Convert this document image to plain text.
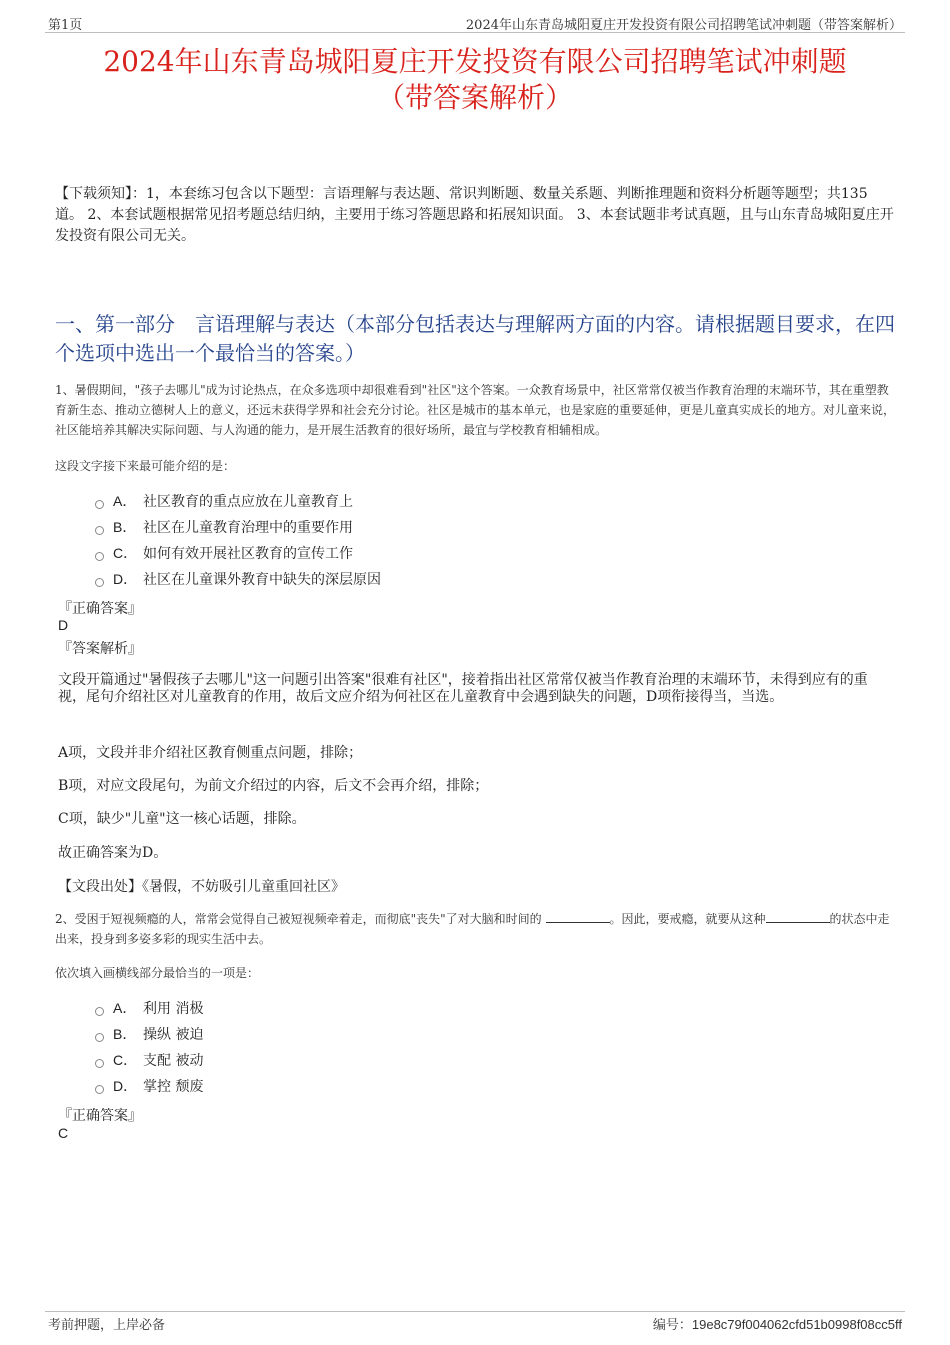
第1页	2024年山东青岛城阳夏庄开发投资有限公司招聘笔试冲刺题（带答案解析）
2024年山东青岛城阳夏庄开发投资有限公司招聘笔试冲刺题
（带答案解析）
【下载须知】：1，本套练习包含以下题型：言语理解与表达题、常识判断题、数量关系题、判断推理题和资料分析题等题型；共135道。 2、本套试题根据常见招考题总结归纳，主要用于练习答题思路和拓展知识面。 3、本套试题非考试真题，且与山东青岛城阳夏庄开发投资有限公司无关。
一、第一部分　言语理解与表达（本部分包括表达与理解两方面的内容。请根据题目要求，在四个选项中选出一个最恰当的答案。）
1、暑假期间，"孩子去哪儿"成为讨论热点，在众多选项中却很难看到"社区"这个答案。一众教育场景中，社区常常仅被当作教育治理的末端环节，其在重塑教育新生态、推动立德树人上的意义，还远未获得学界和社会充分讨论。社区是城市的基本单元，也是家庭的重要延伸，更是儿童真实成长的地方。对儿童来说，社区能培养其解决实际问题、与人沟通的能力，是开展生活教育的很好场所，最宜与学校教育相辅相成。
这段文字接下来最可能介绍的是：
A． 社区教育的重点应放在儿童教育上
B． 社区在儿童教育治理中的重要作用
C． 如何有效开展社区教育的宣传工作
D． 社区在儿童课外教育中缺失的深层原因
『正确答案』
D
『答案解析』
文段开篇通过"暑假孩子去哪儿"这一问题引出答案"很难有社区"，接着指出社区常常仅被当作教育治理的末端环节，未得到应有的重视，尾句介绍社区对儿童教育的作用，故后文应介绍为何社区在儿童教育中会遇到缺失的问题，D项衔接得当，当选。
A项，文段并非介绍社区教育侧重点问题，排除；
B项，对应文段尾句，为前文介绍过的内容，后文不会再介绍，排除；
C项，缺少"儿童"这一核心话题，排除。
故正确答案为D。
【文段出处】《暑假，不妨吸引儿童重回社区》
2、受困于短视频瘾的人，常常会觉得自己被短视频牵着走，而彻底"丧失"了对大脑和时间的	。因此，要戒瘾，就要从这种	的状态中走出来，投身到多姿多彩的现实生活中去。
依次填入画横线部分最恰当的一项是：
A． 利用 消极
B． 操纵 被迫
C． 支配 被动
D． 掌控 颓废
『正确答案』
C
考前押题，上岸必备	编号：19e8c79f004062cfd51b0998f08cc5ff
